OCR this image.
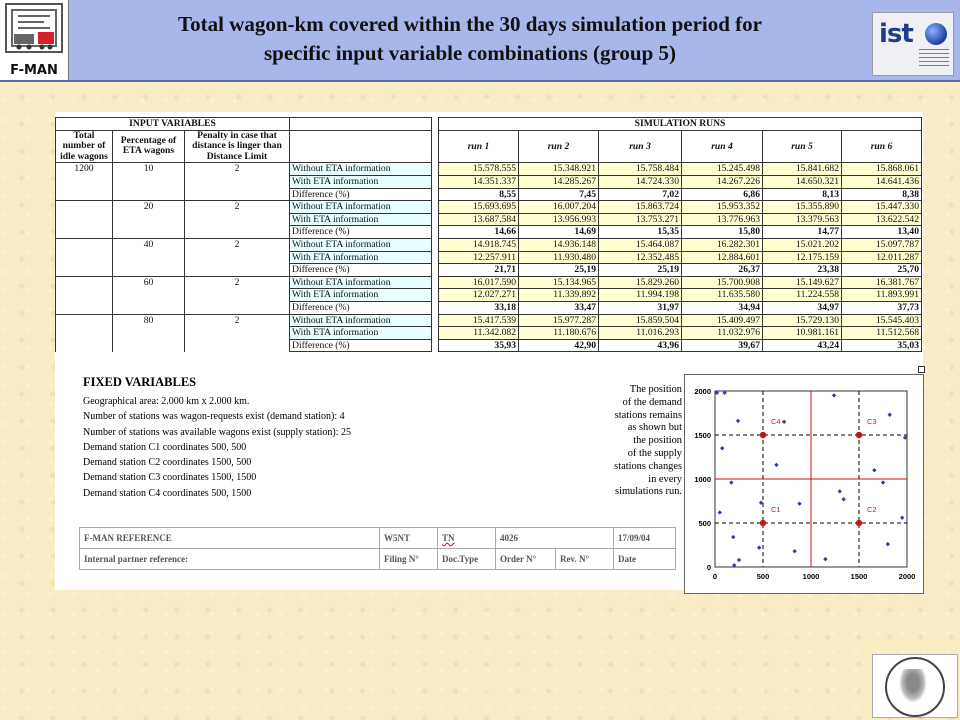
F-MAN
Total wagon-km covered within the 30 days simulation period for
specific input variable combinations (group 5)
ist
INPUT VARIABLES					SIMULATION RUNS					
Total number of idle wagons	Percentage of ETA wagons	Penalty in case that distance is linger than Distance Limit			run 1	run 2	run 3	run 4	run 5	run 6
1200	10	2	Without ETA information		15.578.555	15.348.921	15.758.484	15.245.498	15.841.682	15.868.061
			With ETA information		14.351.337	14.285.267	14.724.330	14.267.226	14.650.321	14.641.436
			Difference (%)		8,55	7,45	7,02	6,86	8,13	8,38
	20	2	Without ETA information		15.693.695	16.007.204	15.863.724	15.953.352	15.355.890	15.447.330
			With ETA information		13.687.584	13.956.993	13.753.271	13.776.963	13.379.563	13.622.542
			Difference (%)		14,66	14,69	15,35	15,80	14,77	13,40
	40	2	Without ETA information		14.918.745	14.936.148	15.464.087	16.282.301	15.021.202	15.097.787
			With ETA information		12.257.911	11.930.480	12.352.485	12.884.601	12.175.159	12.011.287
			Difference (%)		21,71	25,19	25,19	26,37	23,38	25,70
	60	2	Without ETA information		16.017.590	15.134.965	15.829.260	15.700.908	15.149.627	16.381.767
			With ETA information		12.027.271	11.339.892	11.994.198	11.635.580	11.224.558	11.893.991
			Difference (%)		33,18	33,47	31,97	34,94	34,97	37,73
	80	2	Without ETA information		15.417.539	15.977.287	15.859.504	15.409.497	15.729.130	15.545.403
			With ETA information		11.342.082	11.180.676	11.016.293	11.032.976	10.981.161	11.512.568
			Difference (%)		35,93	42,90	43,96	39,67	43,24	35,03
FIXED VARIABLES
Geographical area: 2.000 km x 2.000 km.
Number of stations was wagon-requests exist (demand station): 4
Number of stations was available wagons exist (supply station): 25
Demand station C1 coordinates 500, 500
Demand station C2 coordinates 1500, 500
Demand station C3 coordinates 1500, 1500
Demand station C4 coordinates 500, 1500
The position
of the demand
stations remains
as shown but
the position
of the supply
stations changes
in every
simulations run.
F-MAN REFERENCE	W5NT	TN	4026		17/09/04
Internal partner reference:	Filing N°	Doc.Type	Order N°	Rev. N°	Date
0	500	1000	1500	2000
0
500
1000
1500
2000
C1	C2
C3
C4
